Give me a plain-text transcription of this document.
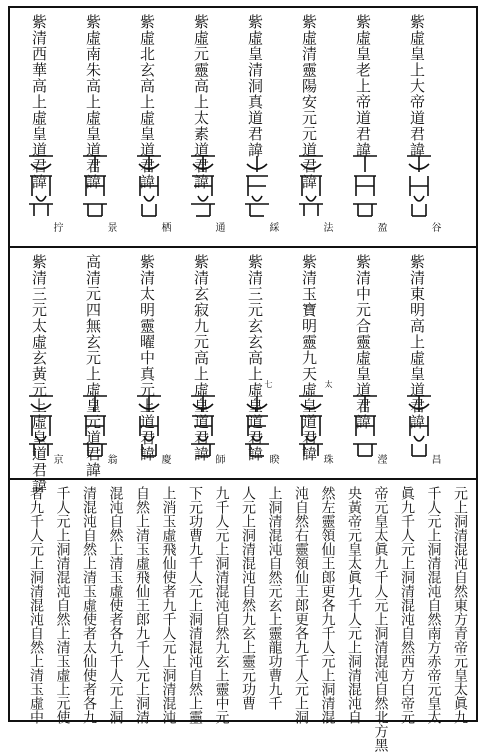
紫虛皇上大帝道君諱
谷
紫虛皇老上帝道君諱
盈
紫虛清靈陽安元元道君諱
法
紫虛皇清洞真道君諱
綵
紫虛元靈高上太素道君諱
通
紫虛北玄高上虛皇道君諱
栖
紫虛南朱高上虛皇道君諱
景
紫清西華高上虛皇道君諱
拧
紫清東明高上虛皇道君諱
昌
紫清中元合靈虛皇道君諱
瀅
紫清玉寶明靈九天虛皇道君諱 珠
紫清三元玄玄高上虛皇道君諱 睽
紫清玄寂九元高上虛皇道君諱 師
紫清太明靈曜中真元上道君諱 慶
高清元四無玄元上虛皇元道君諱 翁
紫清三元太虛玄黃元上虛皇道君諱 京
太
七
元上洞清混沌自然東方青帝元皇太眞九
千人元上洞清混沌自然南方赤帝元皇太
眞九千人元上洞清混沌自然西方白帝元
帝元皇太眞九千人元上洞清混沌自然北方黑
央黃帝元皇太眞九千人元上洞清混沌自
然左靈領仙王郎更各九千人元上洞清混
沌自然右靈領仙王郎更各九千人元上洞
上洞清混沌自然元玄上靈龍功曹九千
人元上洞清混沌自然九玄上靈元功曹
九千人元上洞清混沌自然九玄上靈中元
下元功曹九千人元上洞清混沌自然上靈
上消玉虛飛仙使者九千人元上洞清混沌
自然上清玉虛飛仙王郎九千人元上洞清
混沌自然上清玉虛使者各九千人元上洞
清混沌自然上清玉虛使者太仙使者各九
千人元上洞清混沌自然上清玉虛上元使
者九千人元上洞清混沌自然上清玉虛中
